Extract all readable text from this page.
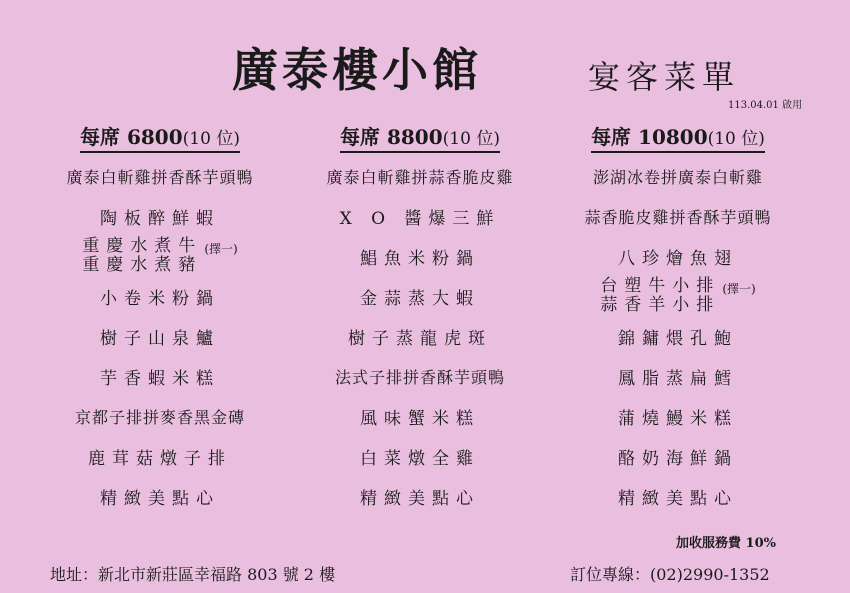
廣泰樓小館	宴客菜單
113.04.01 啟用
每席 6800(10 位)
廣泰白斬雞拼香酥芋頭鴨
陶板醉鮮蝦
重慶水煮牛
重慶水煮豬
(擇一)
小卷米粉鍋
樹子山泉鱸
芋香蝦米糕
京都子排拼麥香黑金磚
鹿茸菇燉子排
精緻美點心
每席 8800(10 位)
廣泰白斬雞拼蒜香脆皮雞
X O 醬爆三鮮
鯧魚米粉鍋
金蒜蒸大蝦
樹子蒸龍虎斑
法式子排拼香酥芋頭鴨
風味蟹米糕
白菜燉全雞
精緻美點心
每席 10800(10 位)
澎湖冰卷拼廣泰白斬雞
蒜香脆皮雞拼香酥芋頭鴨
八珍燴魚翅
台塑牛小排
蒜香羊小排
(擇一)
錦鏞煨孔鮑
鳳脂蒸扁鱈
蒲燒鰻米糕
酪奶海鮮鍋
精緻美點心
加收服務費 10%
地址：新北市新莊區幸福路 803 號 2 樓	訂位專線：(02)2990-1352
